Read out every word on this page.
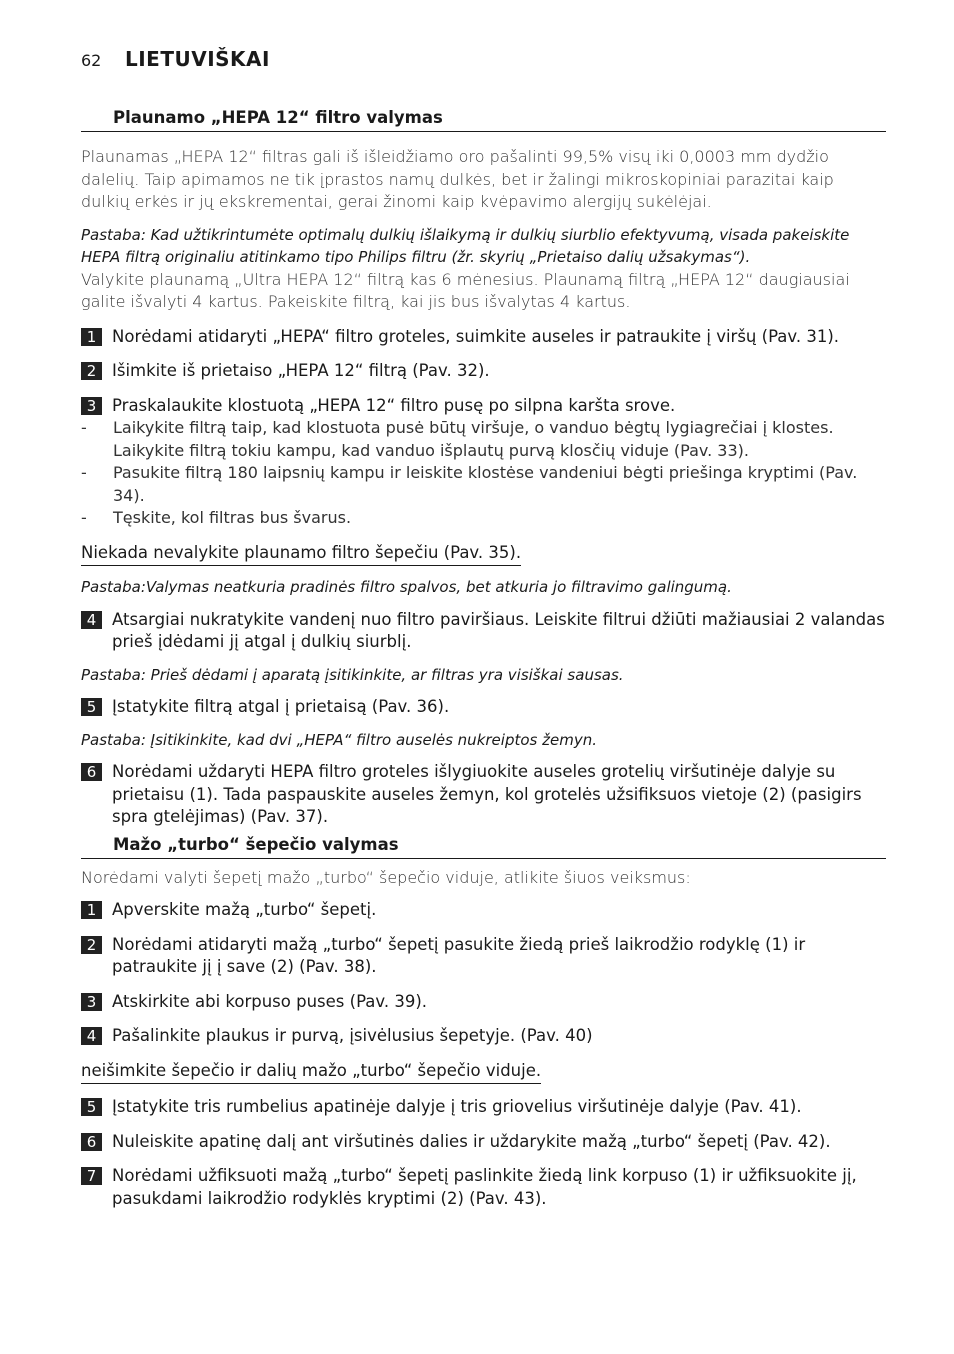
62	LIETUVIŠKAI
Plaunamo „HEPA 12“ filtro valymas

Plaunamas „HEPA 12“ filtras gali iš išleidžiamo oro pašalinti 99,5% visų iki 0,0003 mm dydžio dalelių. Taip apimamos ne tik įprastos namų dulkės, bet ir žalingi mikroskopiniai parazitai kaip dulkių erkės ir jų ekskrementai, gerai žinomi kaip kvėpavimo alergijų sukėlėjai.

Pastaba: Kad užtikrintumėte optimalų dulkių išlaikymą ir dulkių siurblio efektyvumą, visada pakeiskite HEPA filtrą originaliu atitinkamo tipo Philips filtru (žr. skyrių „Prietaiso dalių užsakymas“).

Valykite plaunamą „Ultra HEPA 12“ filtrą kas 6 mėnesius. Plaunamą filtrą „HEPA 12“ daugiausiai galite išvalyti 4 kartus. Pakeiskite filtrą, kai jis bus išvalytas 4 kartus.

1 Norėdami atidaryti „HEPA“ filtro groteles, suimkite auseles ir patraukite į viršų (Pav. 31).
2 Išimkite iš prietaiso „HEPA 12“ filtrą (Pav. 32).
3 Praskalaukite klostuotą „HEPA 12“ filtro pusę po silpna karšta srove.
-	Laikykite filtrą taip, kad klostuota pusė būtų viršuje, o vanduo bėgtų lygiagrečiai į klostes. Laikykite filtrą tokiu kampu, kad vanduo išplautų purvą klosčių viduje (Pav. 33).
-	Pasukite filtrą 180 laipsnių kampu ir leiskite klostėse vandeniui bėgti priešinga kryptimi (Pav. 34).
-	Tęskite, kol filtras bus švarus.
Niekada nevalykite plaunamo filtro šepečiu (Pav. 35).

Pastaba:Valymas neatkuria pradinės filtro spalvos, bet atkuria jo filtravimo galingumą.

4 Atsargiai nukratykite vandenį nuo filtro paviršiaus. Leiskite filtrui džiūti mažiausiai 2 valandas prieš įdėdami jį atgal į dulkių siurblį.

Pastaba: Prieš dėdami į aparatą įsitikinkite, ar filtras yra visiškai sausas.

5 Įstatykite filtrą atgal į prietaisą (Pav. 36).

Pastaba: Įsitikinkite, kad dvi „HEPA“ filtro auselės nukreiptos žemyn.

6 Norėdami uždaryti HEPA filtro groteles išlygiuokite auseles grotelių viršutinėje dalyje su prietaisu (1). Tada paspauskite auseles žemyn, kol grotelės užsifiksuos vietoje (2) (pasigirs spra gtelėjimas) (Pav. 37).
Mažo „turbo“ šepečio valymas

Norėdami valyti šepetį mažo „turbo“ šepečio viduje, atlikite šiuos veiksmus:

1 Apverskite mažą „turbo“ šepetį.
2 Norėdami atidaryti mažą „turbo“ šepetį pasukite žiedą prieš laikrodžio rodyklę (1) ir patraukite jį į save (2) (Pav. 38).
3 Atskirkite abi korpuso puses (Pav. 39).
4 Pašalinkite plaukus ir purvą, įsivėlusius šepetyje. (Pav. 40)
neišimkite šepečio ir dalių mažo „turbo“ šepečio viduje.
5 Įstatykite tris rumbelius apatinėje dalyje į tris griovelius viršutinėje dalyje (Pav. 41).
6 Nuleiskite apatinę dalį ant viršutinės dalies ir uždarykite mažą „turbo“ šepetį (Pav. 42).
7 Norėdami užfiksuoti mažą „turbo“ šepetį paslinkite žiedą link korpuso (1) ir užfiksuokite jį, pasukdami laikrodžio rodyklės kryptimi (2) (Pav. 43).
